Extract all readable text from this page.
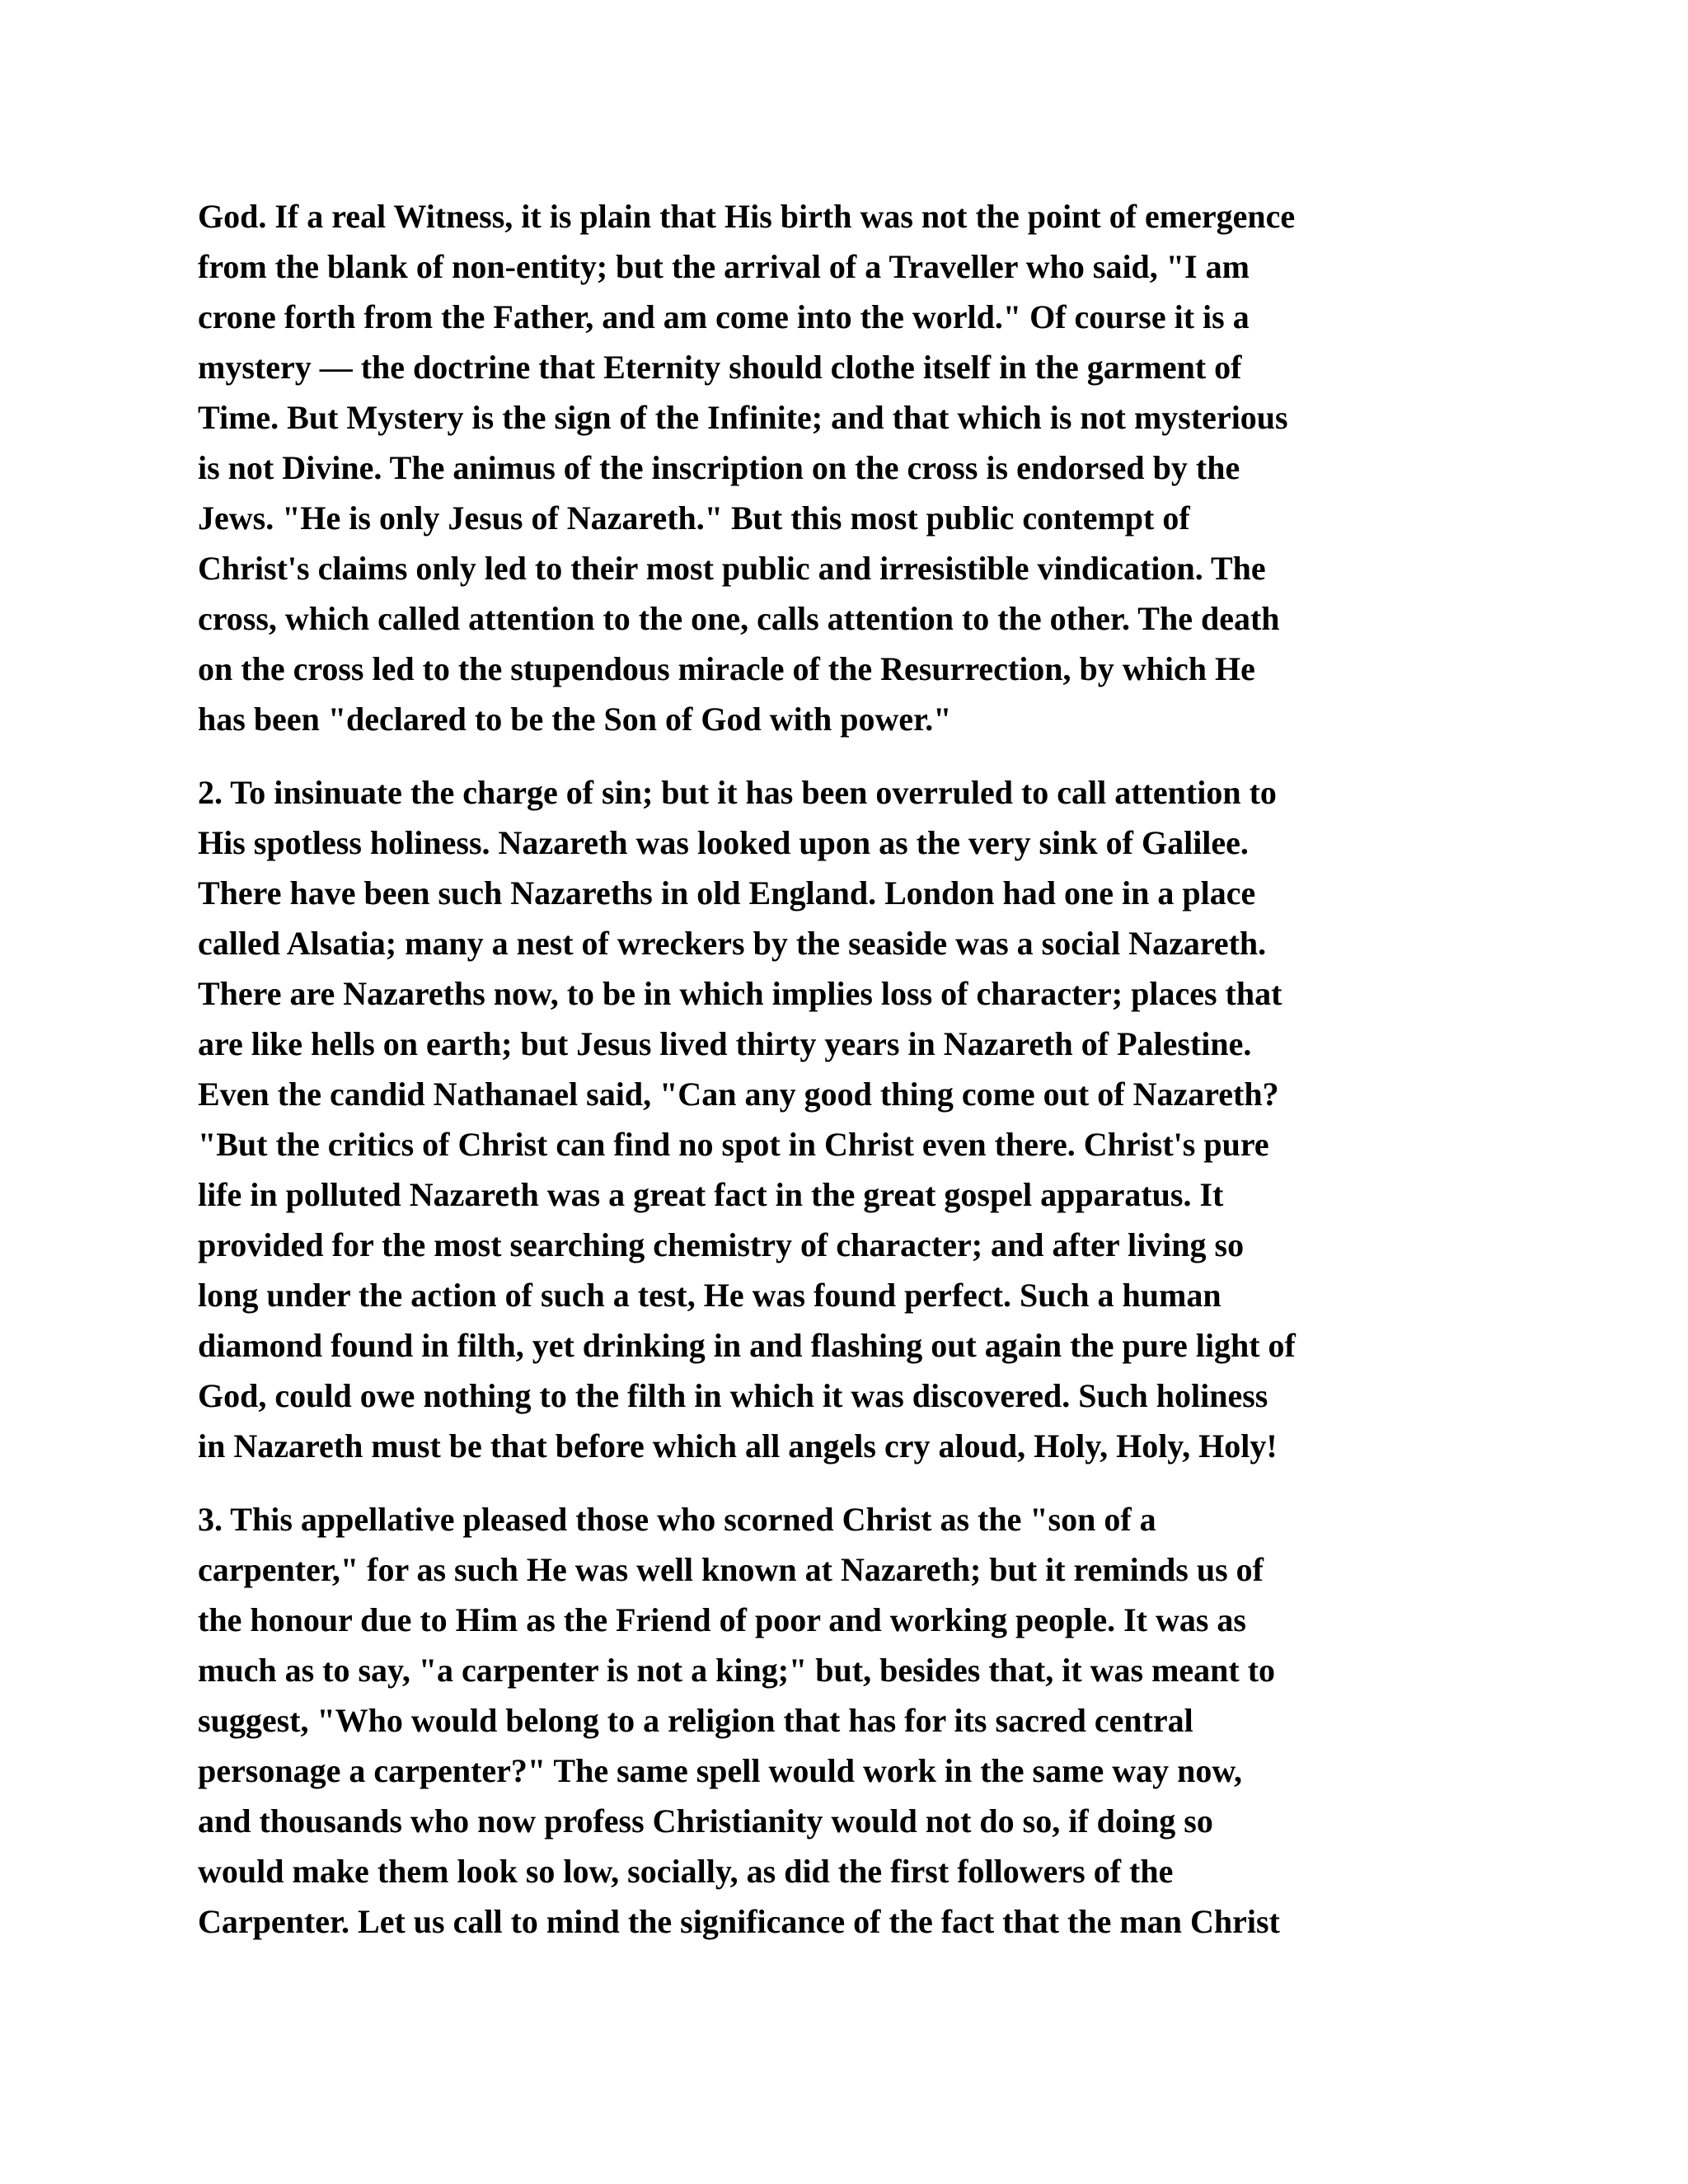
God. If a real Witness, it is plain that His birth was not the point of emergence
from the blank of non-entity; but the arrival of a Traveller who said, "I am
crone forth from the Father, and am come into the world." Of course it is a
mystery — the doctrine that Eternity should clothe itself in the garment of
Time. But Mystery is the sign of the Infinite; and that which is not mysterious
is not Divine. The animus of the inscription on the cross is endorsed by the
Jews. "He is only Jesus of Nazareth." But this most public contempt of
Christ's claims only led to their most public and irresistible vindication. The
cross, which called attention to the one, calls attention to the other. The death
on the cross led to the stupendous miracle of the Resurrection, by which He
has been "declared to be the Son of God with power."
2. To insinuate the charge of sin; but it has been overruled to call attention to
His spotless holiness. Nazareth was looked upon as the very sink of Galilee.
There have been such Nazareths in old England. London had one in a place
called Alsatia; many a nest of wreckers by the seaside was a social Nazareth.
There are Nazareths now, to be in which implies loss of character; places that
are like hells on earth; but Jesus lived thirty years in Nazareth of Palestine.
Even the candid Nathanael said, "Can any good thing come out of Nazareth?
"But the critics of Christ can find no spot in Christ even there. Christ's pure
life in polluted Nazareth was a great fact in the great gospel apparatus. It
provided for the most searching chemistry of character; and after living so
long under the action of such a test, He was found perfect. Such a human
diamond found in filth, yet drinking in and flashing out again the pure light of
God, could owe nothing to the filth in which it was discovered. Such holiness
in Nazareth must be that before which all angels cry aloud, Holy, Holy, Holy!
3. This appellative pleased those who scorned Christ as the "son of a
carpenter," for as such He was well known at Nazareth; but it reminds us of
the honour due to Him as the Friend of poor and working people. It was as
much as to say, "a carpenter is not a king;" but, besides that, it was meant to
suggest, "Who would belong to a religion that has for its sacred central
personage a carpenter?" The same spell would work in the same way now,
and thousands who now profess Christianity would not do so, if doing so
would make them look so low, socially, as did the first followers of the
Carpenter. Let us call to mind the significance of the fact that the man Christ
